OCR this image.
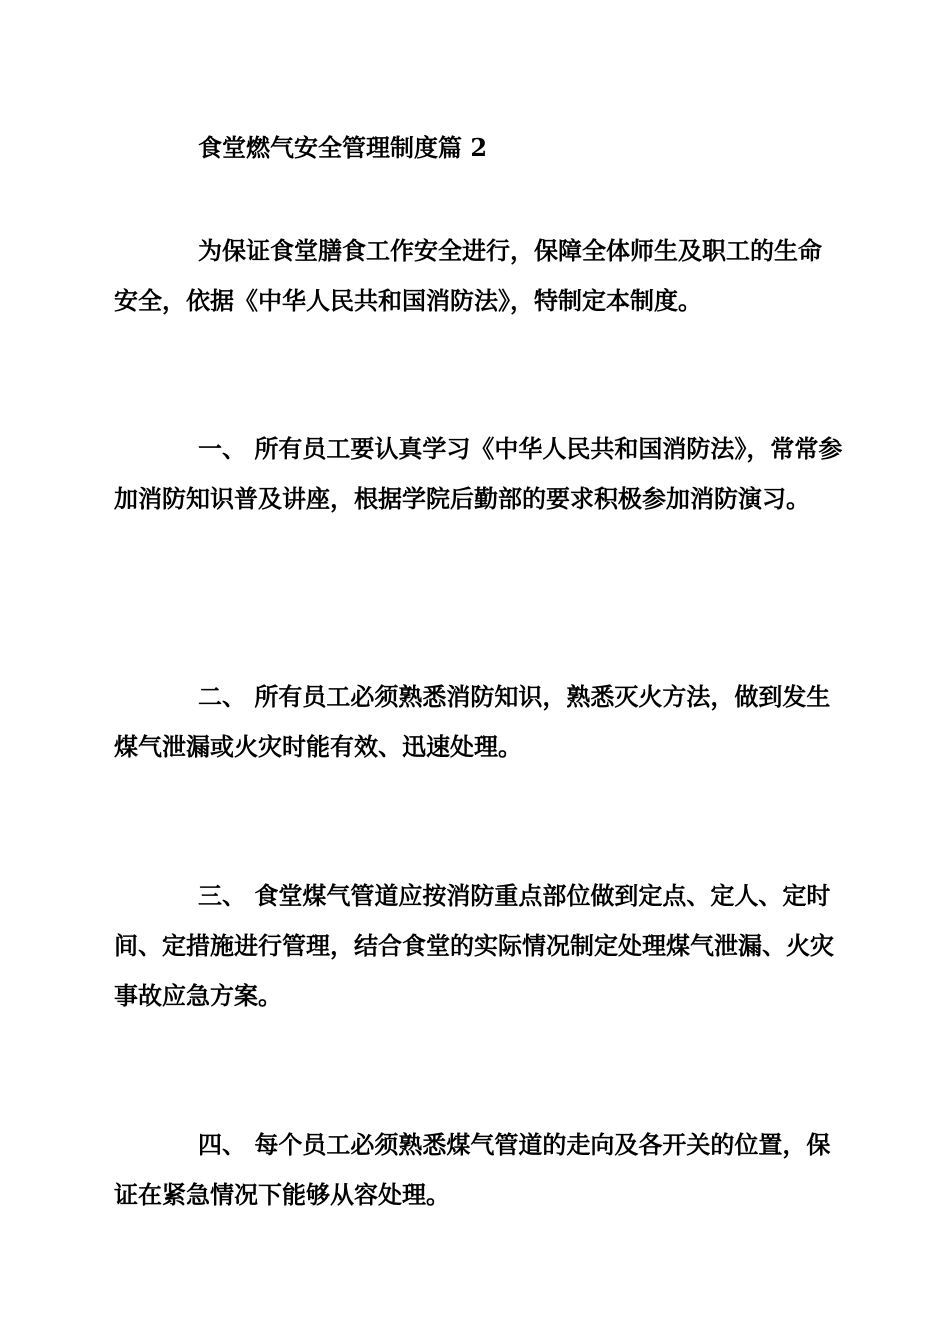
食堂燃气安全管理制度篇 2

为保证食堂膳食工作安全进行，保障全体师生及职工的生命安全，依据《中华人民共和国消防法》，特制定本制度。

一、 所有员工要认真学习《中华人民共和国消防法》，常常参加消防知识普及讲座，根据学院后勤部的要求积极参加消防演习。

二、 所有员工必须熟悉消防知识，熟悉灭火方法，做到发生煤气泄漏或火灾时能有效、迅速处理。

三、 食堂煤气管道应按消防重点部位做到定点、定人、定时间、定措施进行管理，结合食堂的实际情况制定处理煤气泄漏、火灾事故应急方案。

四、 每个员工必须熟悉煤气管道的走向及各开关的位置，保证在紧急情况下能够从容处理。
